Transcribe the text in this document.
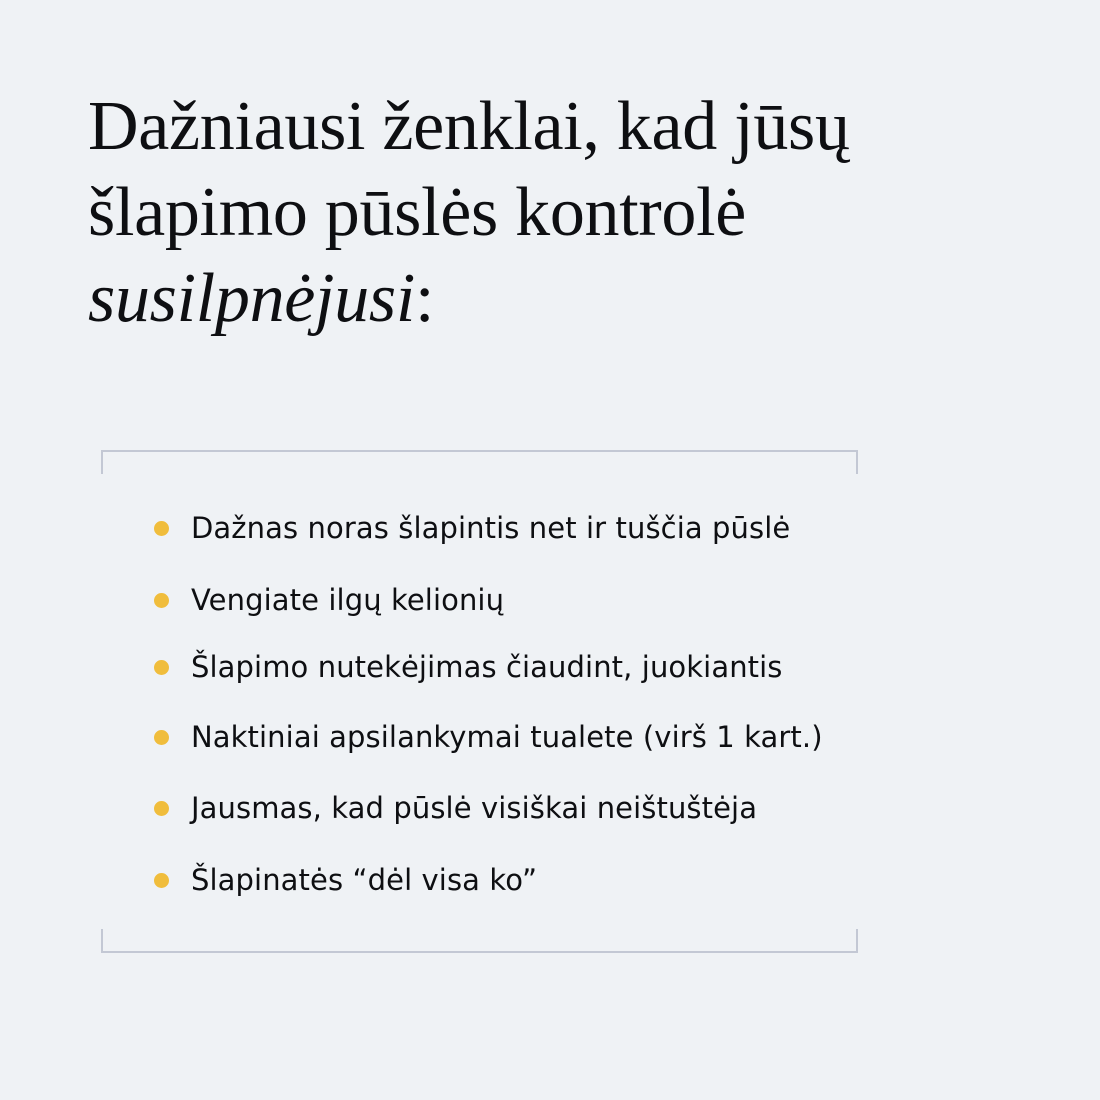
Dažniausi ženklai, kad jūsų
šlapimo pūslės kontrolė
susilpnėjusi:
Dažnas noras šlapintis net ir tuščia pūslė
Vengiate ilgų kelionių
Šlapimo nutekėjimas čiaudint, juokiantis
Naktiniai apsilankymai tualete (virš 1 kart.)
Jausmas, kad pūslė visiškai neištuštėja
Šlapinatės “dėl visa ko”
